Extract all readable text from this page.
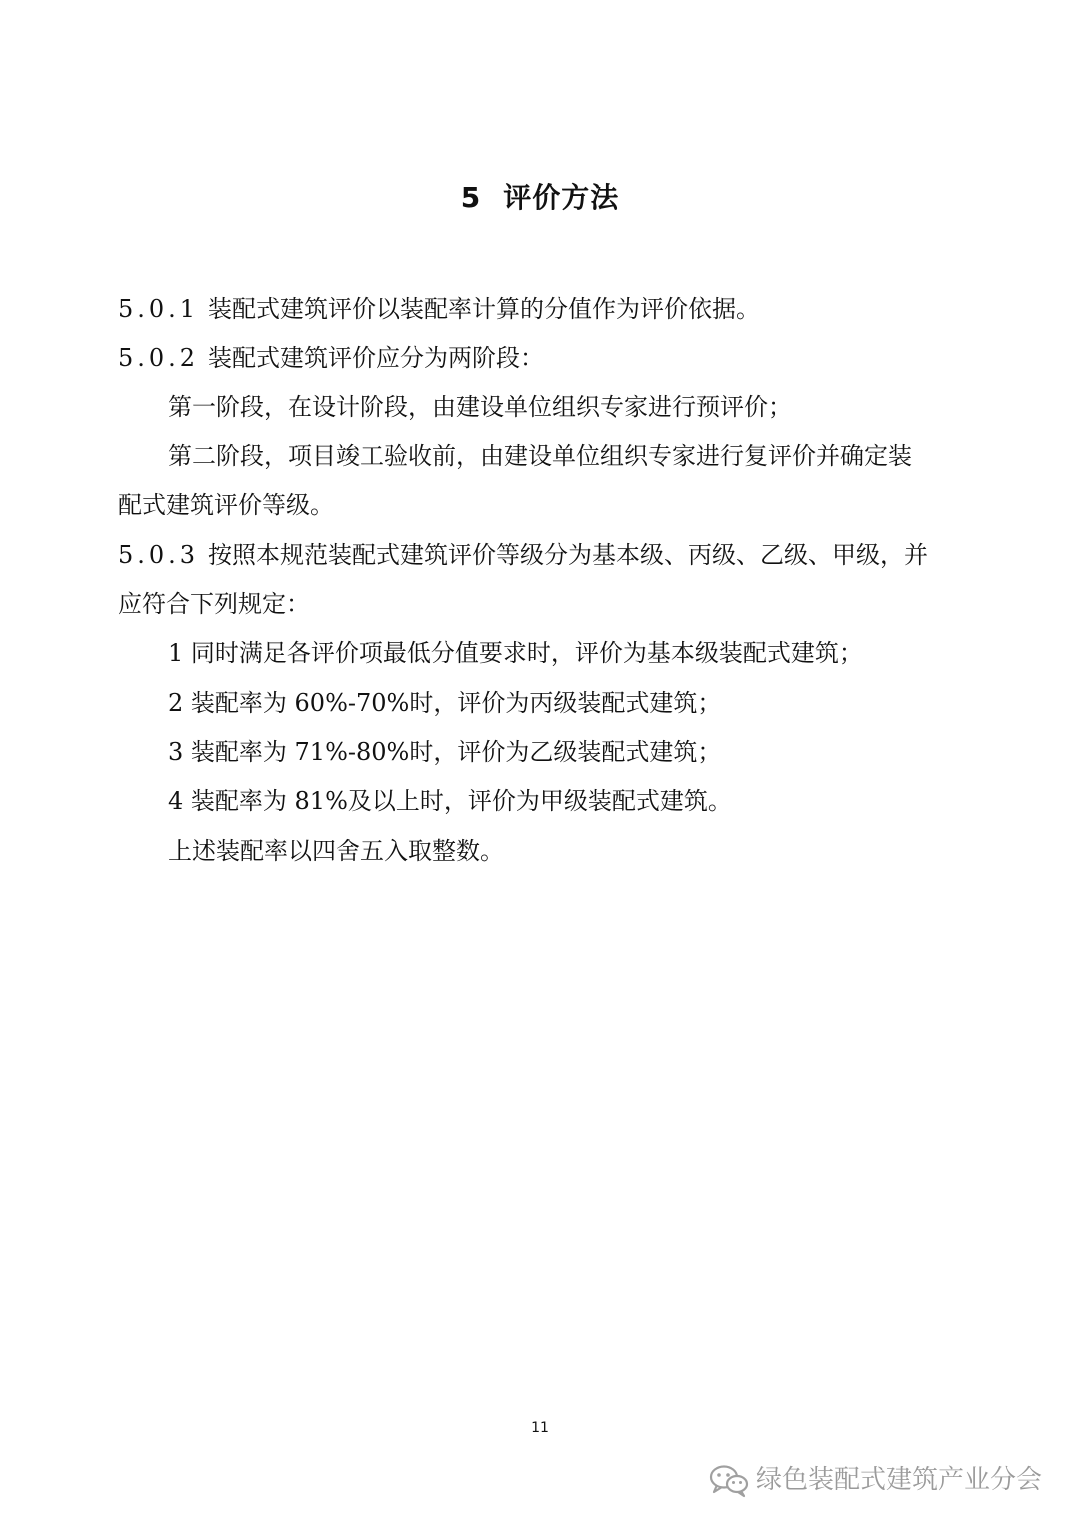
5 评价方法
5.0.1 装配式建筑评价以装配率计算的分值作为评价依据。
5.0.2 装配式建筑评价应分为两阶段：
第一阶段，在设计阶段，由建设单位组织专家进行预评价；
第二阶段，项目竣工验收前，由建设单位组织专家进行复评价并确定装
配式建筑评价等级。
5.0.3 按照本规范装配式建筑评价等级分为基本级、丙级、乙级、甲级，并
应符合下列规定：
1 同时满足各评价项最低分值要求时，评价为基本级装配式建筑；
2 装配率为 60%-70%时，评价为丙级装配式建筑；
3 装配率为 71%-80%时，评价为乙级装配式建筑；
4 装配率为 81%及以上时，评价为甲级装配式建筑。
上述装配率以四舍五入取整数。
11
绿色装配式建筑产业分会
